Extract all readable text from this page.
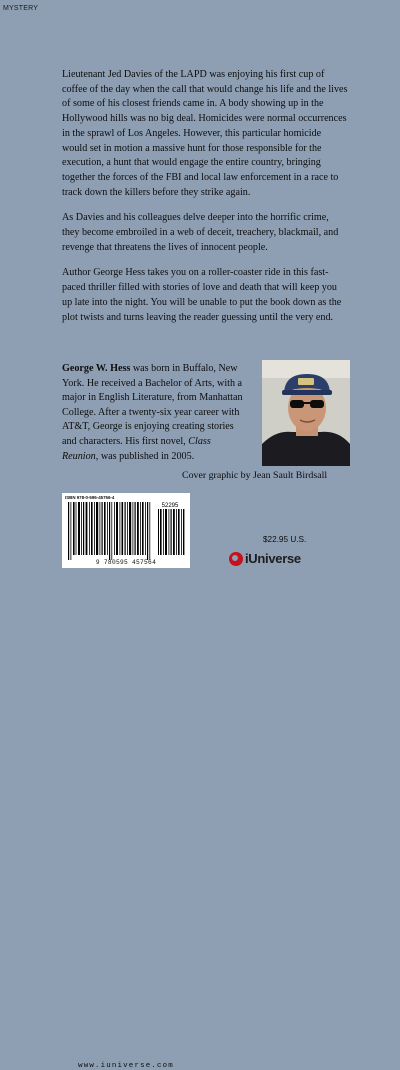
MYSTERY

Lieutenant Jed Davies of the LAPD was enjoying his first cup of coffee of the day when the call that would change his life and the lives of some of his closest friends came in. A body showing up in the Hollywood hills was no big deal. Homicides were normal occurrences in the sprawl of Los Angeles. However, this particular homicide would set in motion a massive hunt for those responsible for the execution, a hunt that would engage the entire country, bringing together the forces of the FBI and local law enforcement in a race to track down the killers before they strike again.

As Davies and his colleagues delve deeper into the horrific crime, they become embroiled in a web of deceit, treachery, blackmail, and revenge that threatens the lives of innocent people.

Author George Hess takes you on a roller-coaster ride in this fast-paced thriller filled with stories of love and death that will keep you up late into the night. You will be unable to put the book down as the plot twists and turns leaving the reader guessing until the very end.

George W. Hess was born in Buffalo, New York. He received a Bachelor of Arts, with a major in English Literature, from Manhattan College. After a twenty-six year career with AT&T, George is enjoying creating stories and characters. His first novel, Class Reunion, was published in 2005.

Cover graphic by Jean Sault Birdsall
ISBN 978-0-595-45756-4
52295
9 780595 457564
www.iuniverse.com
$22.95 U.S.
iUniverse
